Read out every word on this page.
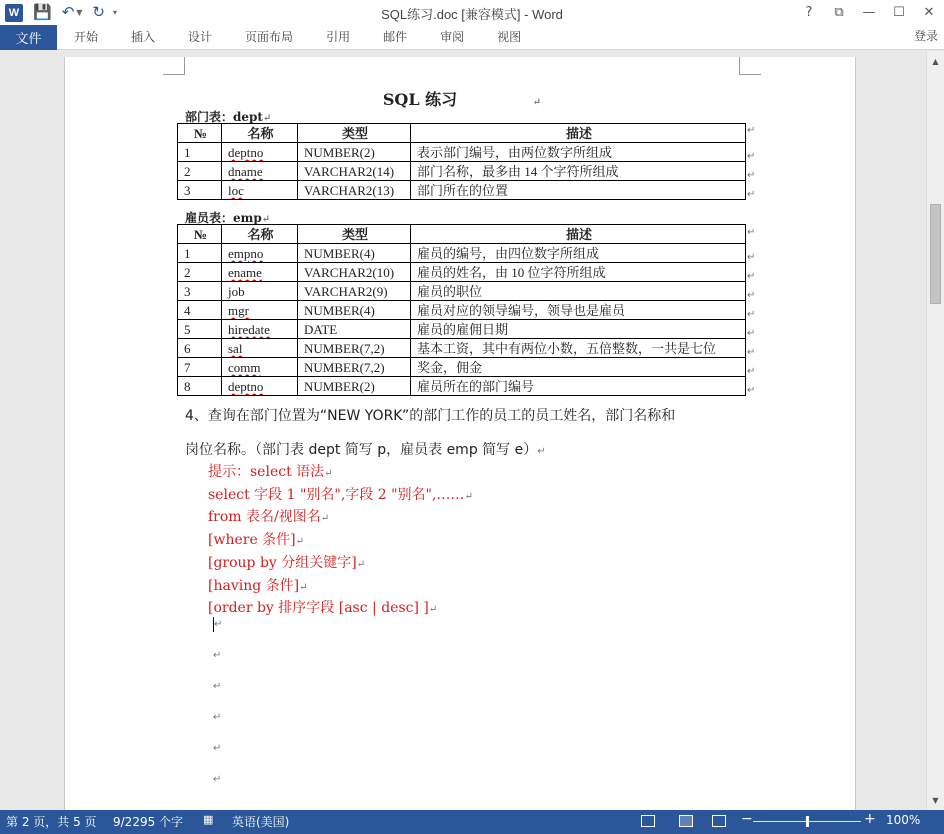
W 💾 ↶ ▼ ↻ ▾	SQL练习.doc [兼容模式] - Word	?	⧉	—	☐	✕
文件	开始	插入	设计	页面布局	引用	邮件	审阅	视图	登录
SQL 练习	↵
部门表：dept↵
№	名称	类型	描述
1	deptno	NUMBER(2)	表示部门编号，由两位数字所组成
2	dname	VARCHAR2(14)	部门名称，最多由 14 个字符所组成
3	loc	VARCHAR2(13)	部门所在的位置
雇员表：emp↵
№	名称	类型	描述
1	empno	NUMBER(4)	雇员的编号，由四位数字所组成
2	ename	VARCHAR2(10)	雇员的姓名，由 10 位字符所组成
3	job	VARCHAR2(9)	雇员的职位
4	mgr	NUMBER(4)	雇员对应的领导编号，领导也是雇员
5	hiredate	DATE	雇员的雇佣日期
6	sal	NUMBER(7,2)	基本工资，其中有两位小数，五倍整数，一共是七位
7	comm	NUMBER(7,2)	奖金，佣金
8	deptno	NUMBER(2)	雇员所在的部门编号
↵
↵
↵
↵
↵
↵
↵
↵
↵
↵
↵
↵
↵
4、查询在部门位置为“NEW YORK”的部门工作的员工的员工姓名，部门名称和
岗位名称。（部门表 dept 简写 p，雇员表 emp 简写 e）↵
提示：select 语法↵
select 字段 1 "别名",字段 2 "别名",……↵
from 表名/视图名↵
[where 条件]↵
[group by 分组关键字]↵
[having 条件]↵
[order by 排序字段 [asc | desc] ]↵
↵
↵
↵
↵
↵
↵
▲
▼
第 2 页，共 5 页 9/2295 个字 ▦ 英语(美国)	−	+ 100%
